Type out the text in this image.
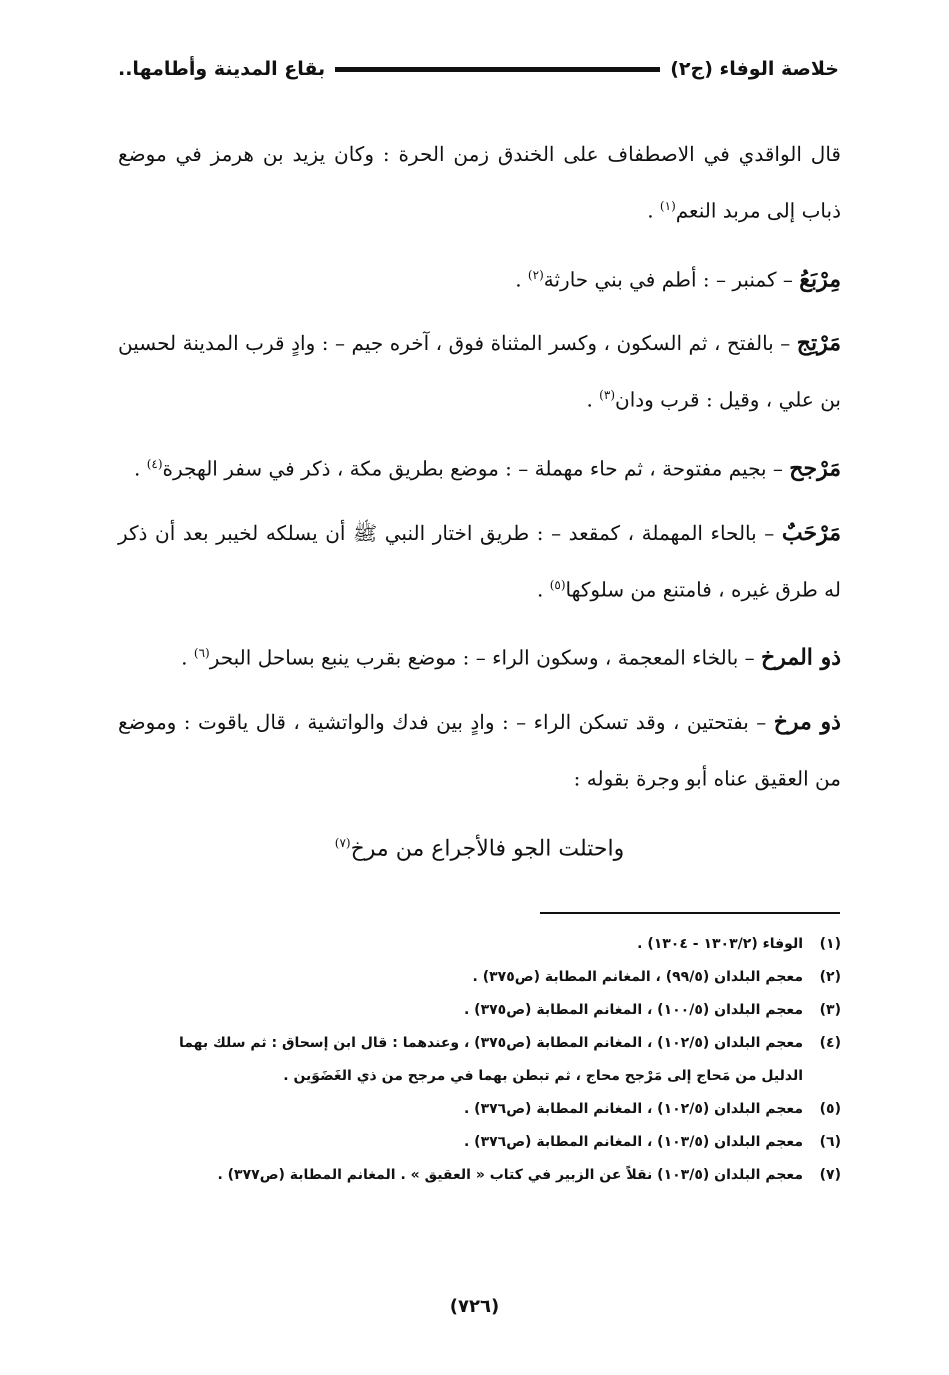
خلاصة الوفاء (ج٢)
بقاع المدينة وأطامها..

قال الواقدي في الاصطفاف على الخندق زمن الحرة : وكان يزيد بن هرمز في موضع ذباب إلى مربد النعم$^{(١)}$ .

مِرْبَعُ – كمنبر – : أطم في بني حارثة$^{(٢)}$ .

مَرْتِج – بالفتح ، ثم السكون ، وكسر المثناة فوق ، آخره جيم – : وادٍ قرب المدينة لحسين بن علي ، وقيل : قرب ودان$^{(٣)}$ .

مَرْجح – بجيم مفتوحة ، ثم حاء مهملة – : موضع بطريق مكة ، ذكر في سفر الهجرة$^{(٤)}$ .

مَرْحَبٌ – بالحاء المهملة ، كمقعد – : طريق اختار النبي ﷺ أن يسلكه لخيبر بعد أن ذكر له طرق غيره ، فامتنع من سلوكها$^{(٥)}$ .

ذو المرخ – بالخاء المعجمة ، وسكون الراء – : موضع بقرب ينبع بساحل البحر$^{(٦)}$ .

ذو مرخ – بفتحتين ، وقد تسكن الراء – : وادٍ بين فدك والواتشية ، قال ياقوت : وموضع من العقيق عناه أبو وجرة بقوله :

واحتلت الجو فالأجراع من مرخ$^{(٧)}$
(١)
الوفاء (١٣٠٣/٢ - ١٣٠٤) .
(٢)
معجم البلدان (٩٩/٥) ، المغانم المطابة (ص٣٧٥) .
(٣)
معجم البلدان (١٠٠/٥) ، المغانم المطابة (ص٣٧٥) .
(٤)
معجم البلدان (١٠٢/٥) ، المغانم المطابة (ص٣٧٥) ، وعندهما : قال ابن إسحاق : ثم سلك بهما الدليل من مَحاج إلى مَرْجح محاج ، ثم تبطن بهما في مرجح من ذي الغَضَوَين .
(٥)
معجم البلدان (١٠٢/٥) ، المغانم المطابة (ص٣٧٦) .
(٦)
معجم البلدان (١٠٣/٥) ، المغانم المطابة (ص٣٧٦) .
(٧)
معجم البلدان (١٠٣/٥) نقلاً عن الزبير في كتاب « العقيق » . المغانم المطابة (ص٣٧٧) .
(٧٢٦)
